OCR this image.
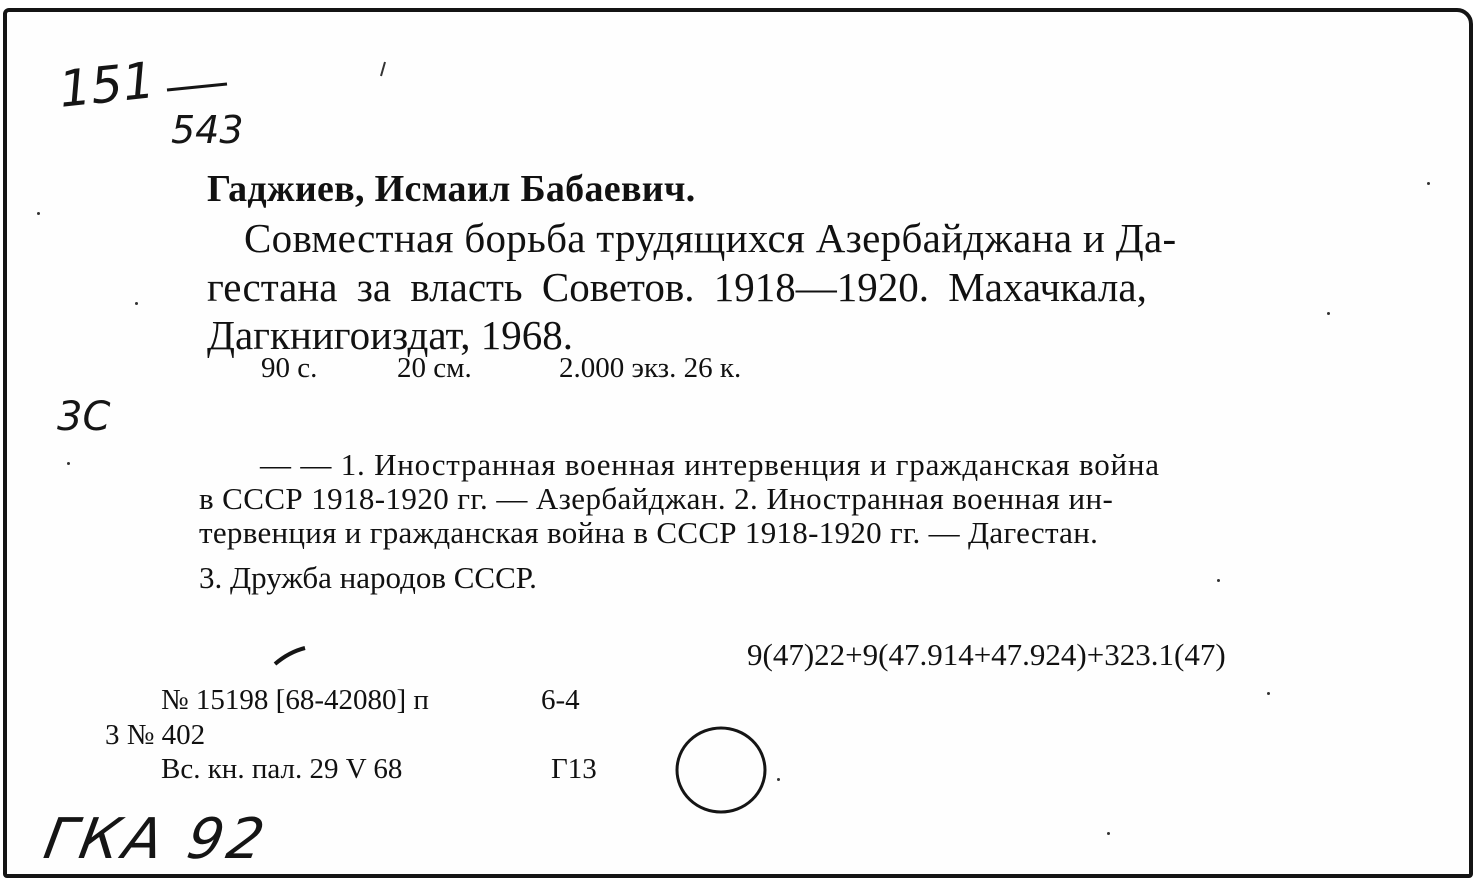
151
543
3С
Гаджиев, Исмаил Бабаевич.
Совместная борьба трудящихся Азербайджана и Да-
гестана за власть Советов. 1918—1920. Махачкала,
Дагкнигоиздат, 1968.
90 с.	20 см.	2.000 экз. 26 к.
— — 1. Иностранная военная интервенция и гражданская война
в СССР 1918-1920 гг. — Азербайджан. 2. Иностранная военная ин-
тервенция и гражданская война в СССР 1918-1920 гг. — Дагестан.
3. Дружба народов СССР.
9(47)22+9(47.914+47.924)+323.1(47)
№ 15198 [68-42080] п	6-4
3 № 402
Вс. кн. пал. 29 V 68	Г13
ГКА 92
